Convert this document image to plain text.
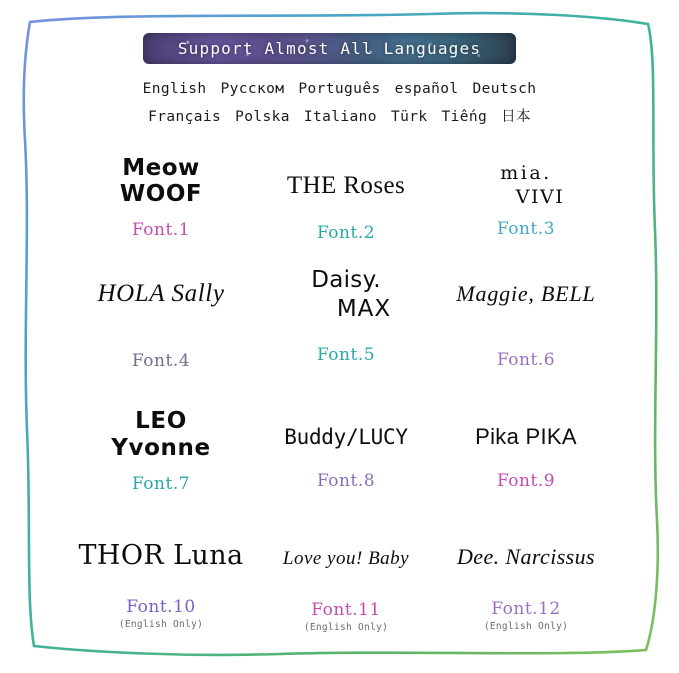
Support Almost All Languages
English Pусском Português español Deutsch
Français Polska Italiano Türk Tiếng 日本
Meow
WOOF
Font.1
THE Roses
Font.2
mia.
VIVI
Font.3
HOLA Sally
Font.4
Daisy.
MAX
Font.5
Maggie, BELL
Font.6
LEO
Yvonne
Font.7
Buddy/LUCY
Font.8
Pika PIKA
Font.9
THOR Luna
Font.10
(English Only)
Love you! Baby
Font.11
(English Only)
Dee. Narcissus
Font.12
(English Only)
